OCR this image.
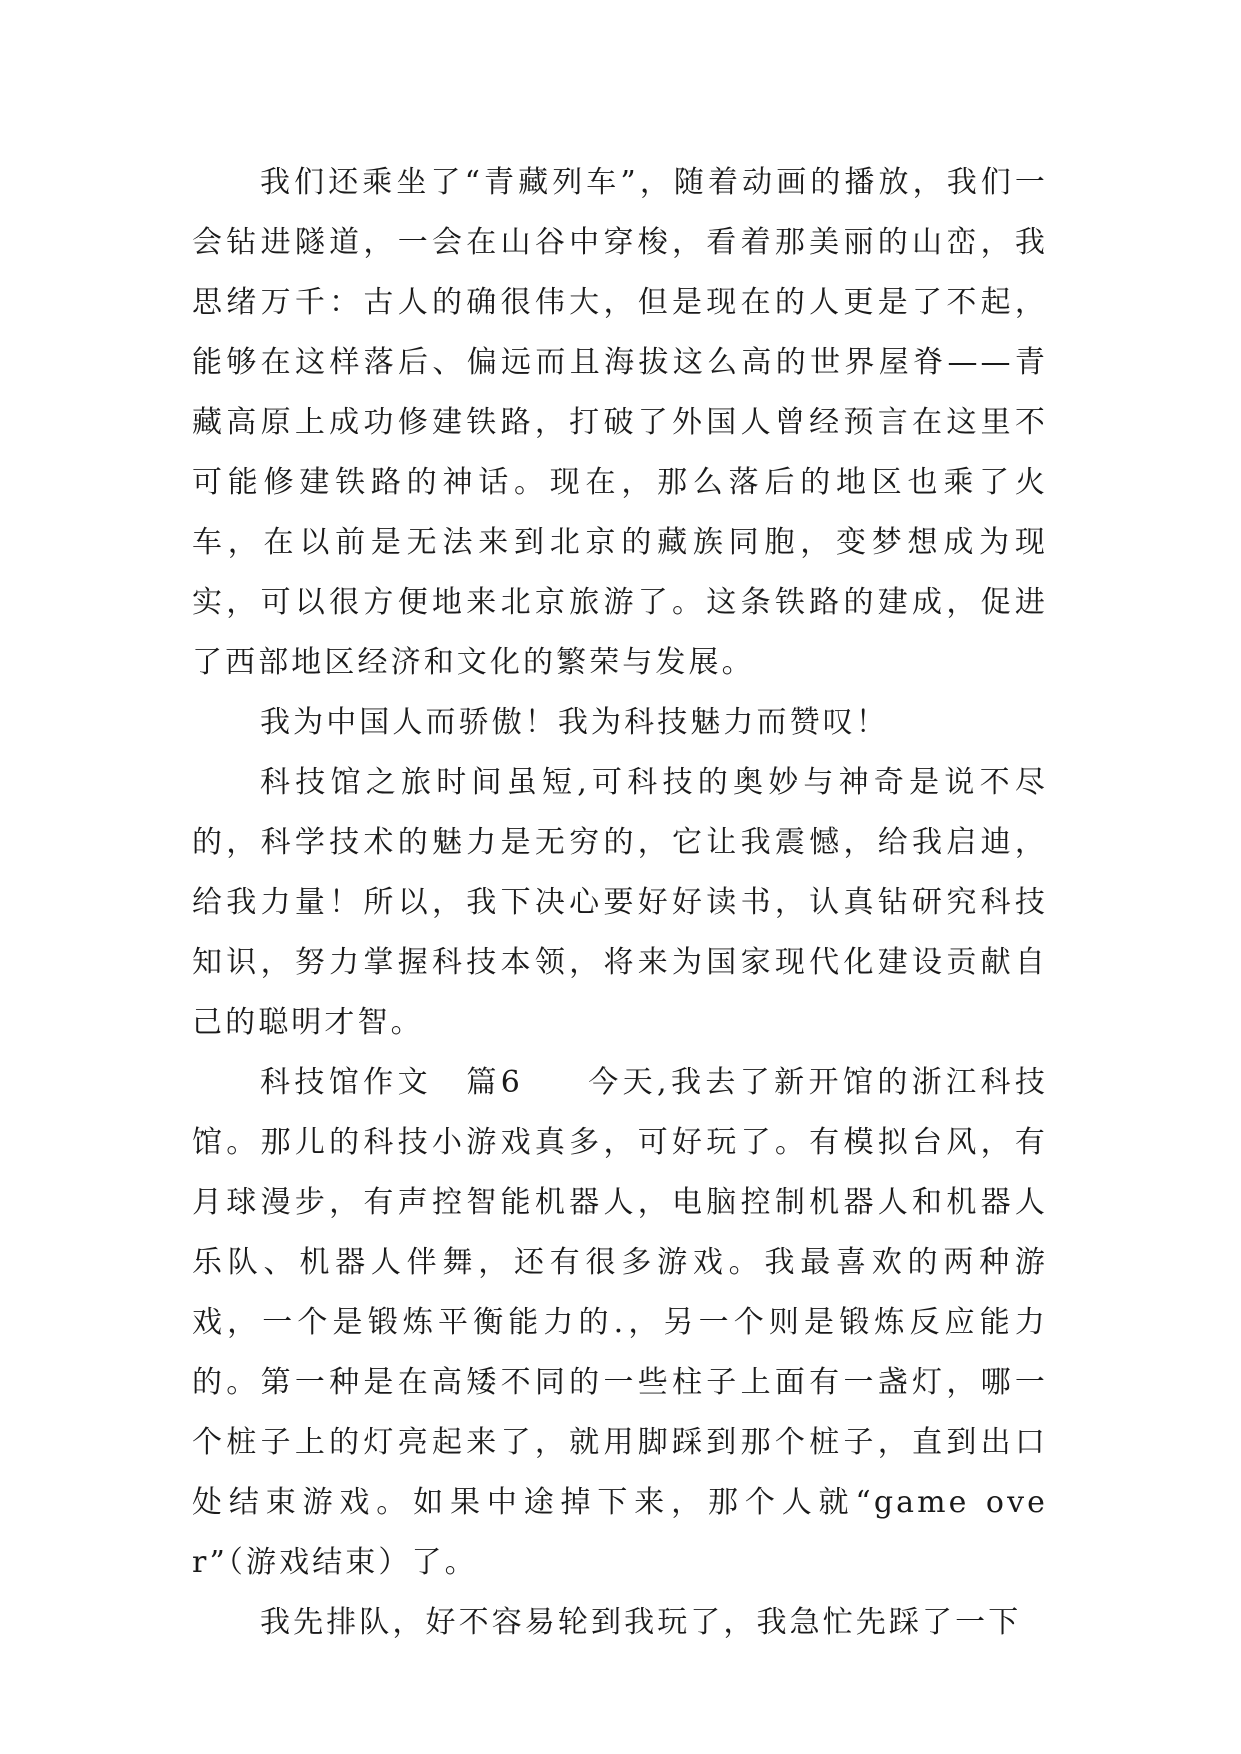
我们还乘坐了“青藏列车”，随着动画的播放，我们一会钻进隧道，一会在山谷中穿梭，看着那美丽的山峦，我思绪万千：古人的确很伟大，但是现在的人更是了不起，能够在这样落后、偏远而且海拔这么高的世界屋脊——青藏高原上成功修建铁路，打破了外国人曾经预言在这里不可能修建铁路的神话。现在，那么落后的地区也乘了火车，在以前是无法来到北京的藏族同胞，变梦想成为现实，可以很方便地来北京旅游了。这条铁路的建成，促进了西部地区经济和文化的繁荣与发展。

我为中国人而骄傲！我为科技魅力而赞叹！

科技馆之旅时间虽短,可科技的奥妙与神奇是说不尽的，科学技术的魅力是无穷的，它让我震憾，给我启迪，给我力量！所以，我下决心要好好读书，认真钻研究科技知识，努力掌握科技本领，将来为国家现代化建设贡献自己的聪明才智。

科技馆作文　篇6 今天,我去了新开馆的浙江科技馆。那儿的科技小游戏真多，可好玩了。有模拟台风，有月球漫步，有声控智能机器人，电脑控制机器人和机器人乐队、机器人伴舞，还有很多游戏。我最喜欢的两种游戏，一个是锻炼平衡能力的.，另一个则是锻炼反应能力的。第一种是在高矮不同的一些柱子上面有一盏灯，哪一个桩子上的灯亮起来了，就用脚踩到那个桩子，直到出口处结束游戏。如果中途掉下来，那个人就“game over”（游戏结束）了。

我先排队，好不容易轮到我玩了，我急忙先踩了一下
